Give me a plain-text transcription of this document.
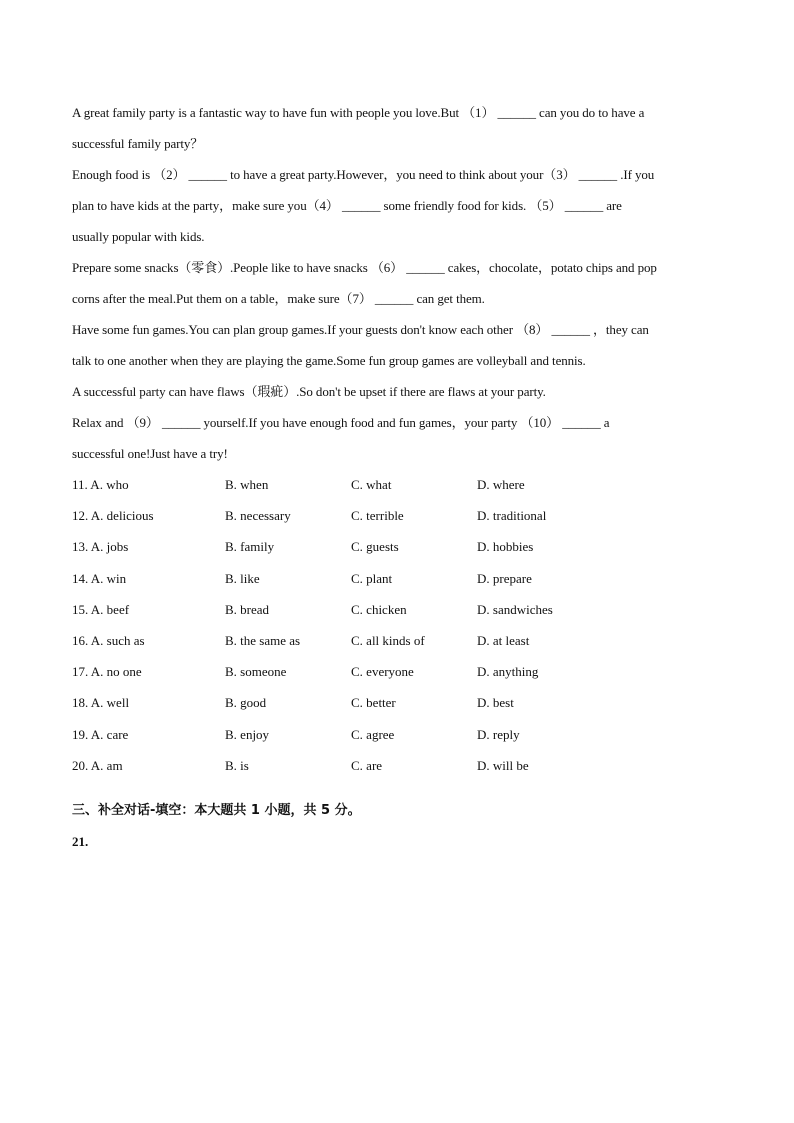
A great family party is a fantastic way to have fun with people you love.But （1） ______ can you do to have a
successful family party？
Enough food is （2） ______ to have a great party.However，you need to think about your（3） ______ .If you
plan to have kids at the party，make sure you（4） ______ some friendly food for kids. （5） ______ are
usually popular with kids.
Prepare some snacks（零食）.People like to have snacks （6） ______ cakes，chocolate，potato chips and pop
corns after the meal.Put them on a table，make sure（7） ______ can get them.
Have some fun games.You can plan group games.If your guests don't know each other （8） ______ ，they can
talk to one another when they are playing the game.Some fun group games are volleyball and tennis.
A successful party can have flaws（瑕疵）.So don't be upset if there are flaws at your party.
Relax and （9） ______ yourself.If you have enough food and fun games，your party （10） ______ a
successful one!Just have a try!
11. A. who	B. when	C. what	D. where
12. A. delicious	B. necessary	C. terrible	D. traditional
13. A. jobs	B. family	C. guests	D. hobbies
14. A. win	B. like	C. plant	D. prepare
15. A. beef	B. bread	C. chicken	D. sandwiches
16. A. such as	B. the same as	C. all kinds of	D. at least
17. A. no one	B. someone	C. everyone	D. anything
18. A. well	B. good	C. better	D. best
19. A. care	B. enjoy	C. agree	D. reply
20. A. am	B. is	C. are	D. will be
三、补全对话-填空：本大题共 1 小题，共 5 分。
21.
